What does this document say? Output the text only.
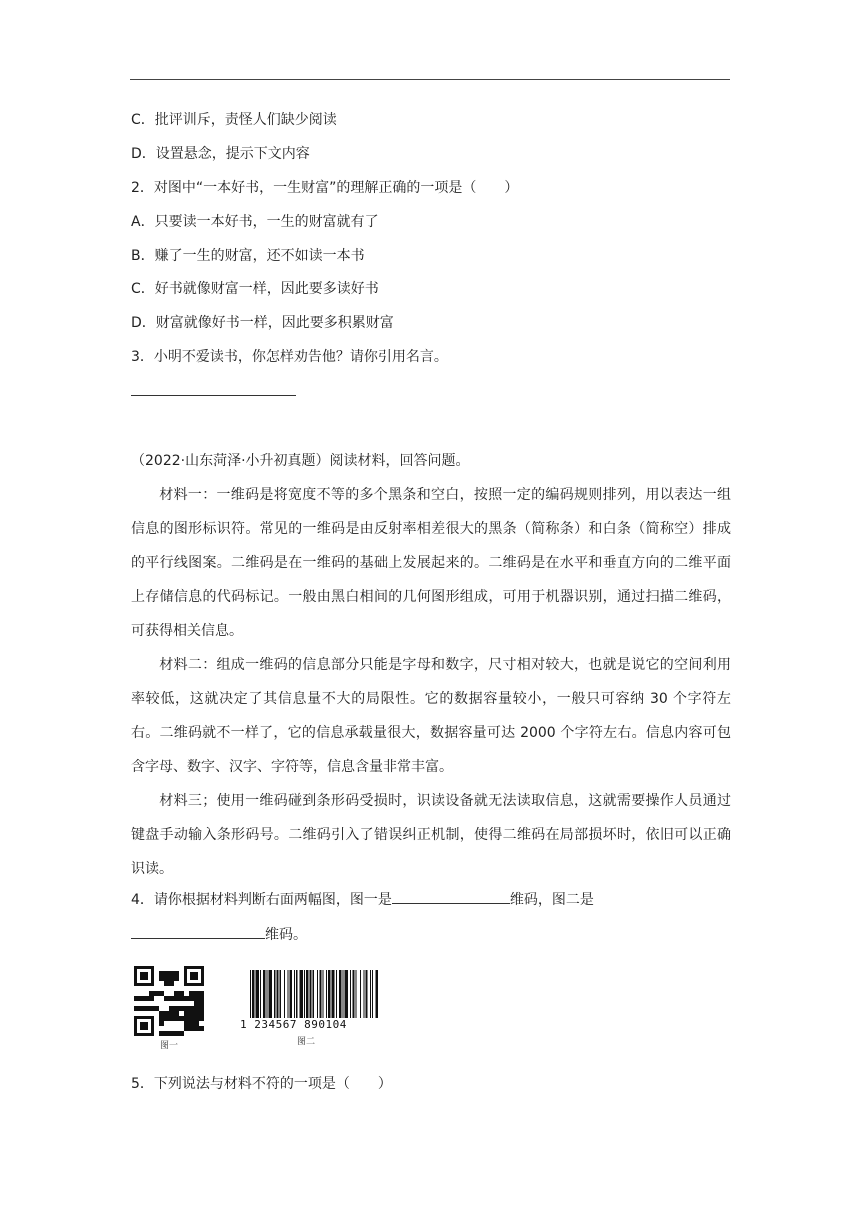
C．批评训斥，责怪人们缺少阅读
D．设置悬念，提示下文内容
2．对图中“一本好书，一生财富”的理解正确的一项是（　　）
A．只要读一本好书，一生的财富就有了
B．赚了一生的财富，还不如读一本书
C．好书就像财富一样，因此要多读好书
D．财富就像好书一样，因此要多积累财富
3．小明不爱读书，你怎样劝告他？请你引用名言。
（2022·山东菏泽·小升初真题）阅读材料，回答问题。
材料一：一维码是将宽度不等的多个黑条和空白，按照一定的编码规则排列，用以表达一组信息的图形标识符。常见的一维码是由反射率相差很大的黑条（简称条）和白条（简称空）排成的平行线图案。二维码是在一维码的基础上发展起来的。二维码是在水平和垂直方向的二维平面上存储信息的代码标记。一般由黑白相间的几何图形组成，可用于机器识别，通过扫描二维码，可获得相关信息。
材料二：组成一维码的信息部分只能是字母和数字，尺寸相对较大，也就是说它的空间利用率较低，这就决定了其信息量不大的局限性。它的数据容量较小，一般只可容纳 30 个字符左右。二维码就不一样了，它的信息承载量很大，数据容量可达 2000 个字符左右。信息内容可包含字母、数字、汉字、字符等，信息含量非常丰富。
材料三；使用一维码碰到条形码受损时，识读设备就无法读取信息，这就需要操作人员通过键盘手动输入条形码号。二维码引入了错误纠正机制，使得二维码在局部损坏时，依旧可以正确识读。
4．请你根据材料判断右面两幅图，图一是	维码，图二是
维码。
图一
1 234567 890104
图二
5．下列说法与材料不符的一项是（　　）
